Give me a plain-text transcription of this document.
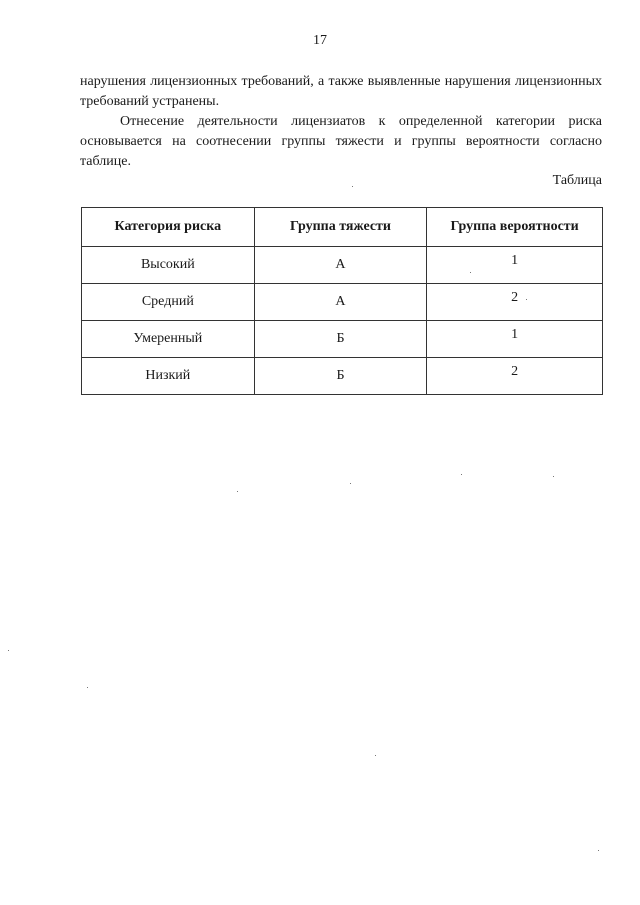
17

нарушения лицензионных требований, а также выявленные нарушения лицензионных требований устранены.

Отнесение деятельности лицензиатов к определенной категории риска основывается на соотнесении группы тяжести и группы вероятности согласно таблице.

Таблица
Категория риска	Группа тяжести	Группа вероятности
Высокий	А	1
Средний	А	2
Умеренный	Б	1
Низкий	Б	2
